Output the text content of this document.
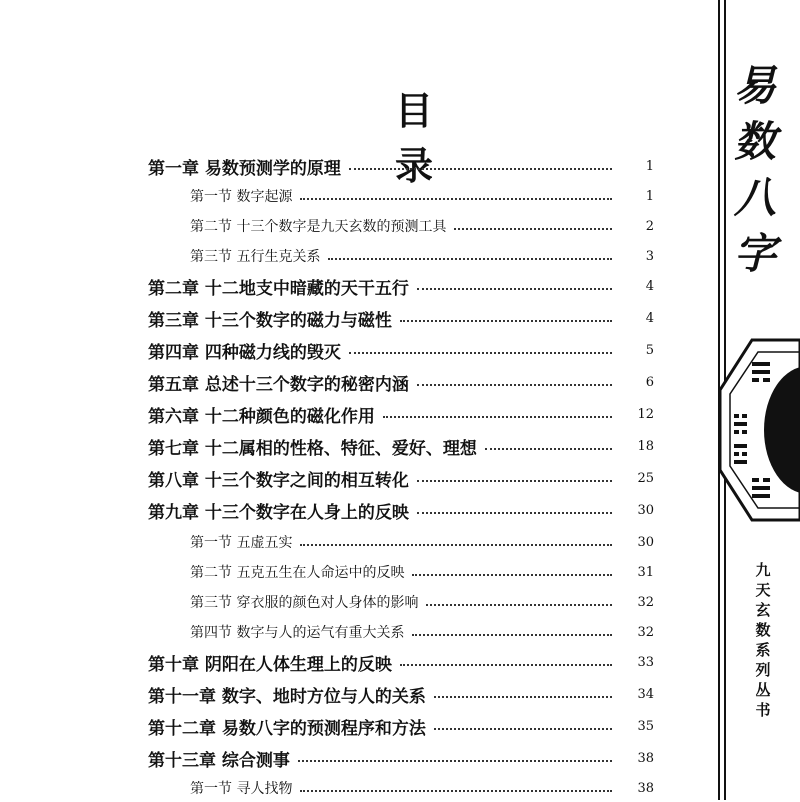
目 录
第一章 易数预测学的原理	1
第一节 数字起源	1
第二节 十三个数字是九天玄数的预测工具	2
第三节 五行生克关系	3
第二章 十二地支中暗藏的天干五行	4
第三章 十三个数字的磁力与磁性	4
第四章 四种磁力线的毁灭	5
第五章 总述十三个数字的秘密内涵	6
第六章 十二种颜色的磁化作用	12
第七章 十二属相的性格、特征、爱好、理想	18
第八章 十三个数字之间的相互转化	25
第九章 十三个数字在人身上的反映	30
第一节 五虚五实	30
第二节 五克五生在人命运中的反映	31
第三节 穿衣服的颜色对人身体的影响	32
第四节 数字与人的运气有重大关系	32
第十章 阴阳在人体生理上的反映	33
第十一章 数字、地时方位与人的关系	34
第十二章 易数八字的预测程序和方法	35
第十三章 综合测事	38
第一节 寻人找物	38
易
数
八
字
九
天
玄
数
系
列
丛
书
